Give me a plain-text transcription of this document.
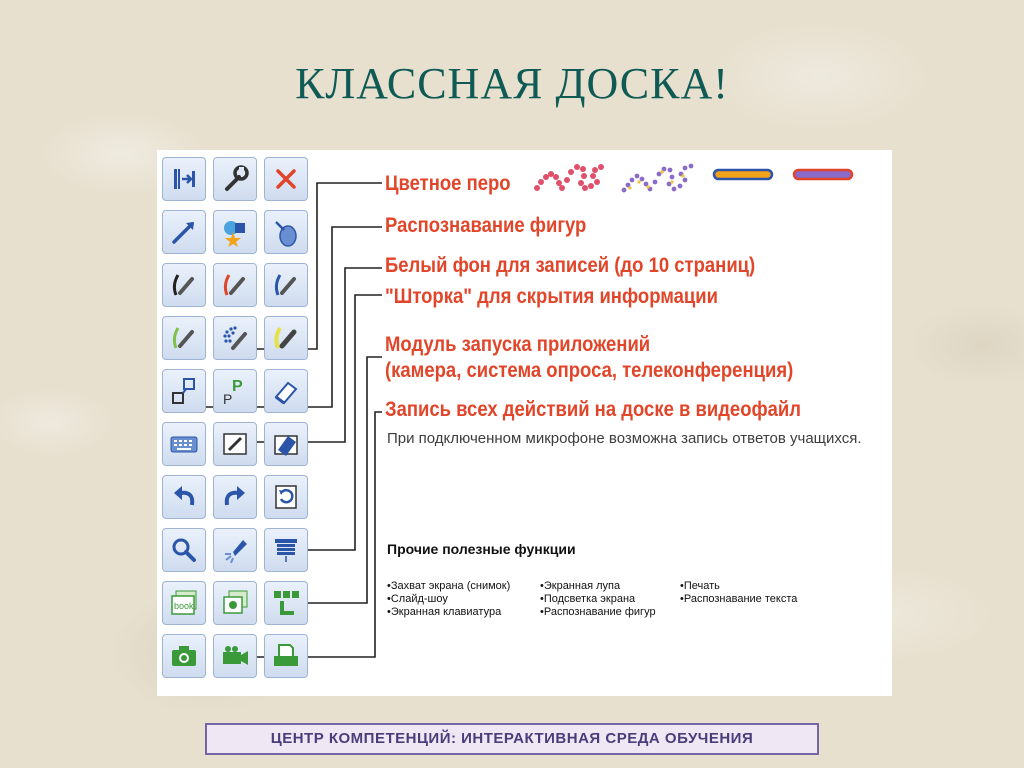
КЛАССНАЯ ДОСКА!
P
P
book
Цветное перо
Распознавание фигур
Белый фон для записей (до 10 страниц)
"Шторка" для скрытия информации
Модуль запуска приложений
(камера, система опроса, телеконференция)
Запись всех действий на доске в видеофайл
При подключенном микрофоне возможна запись ответов учащихся.
Прочие полезные функции
•Захват экрана (снимок)
•Слайд-шоу
•Экранная клавиатура
•Экранная лупа
•Подсветка экрана
•Распознавание фигур
•Печать
•Распознавание текста
ЦЕНТР КОМПЕТЕНЦИЙ: ИНТЕРАКТИВНАЯ СРЕДА ОБУЧЕНИЯ
